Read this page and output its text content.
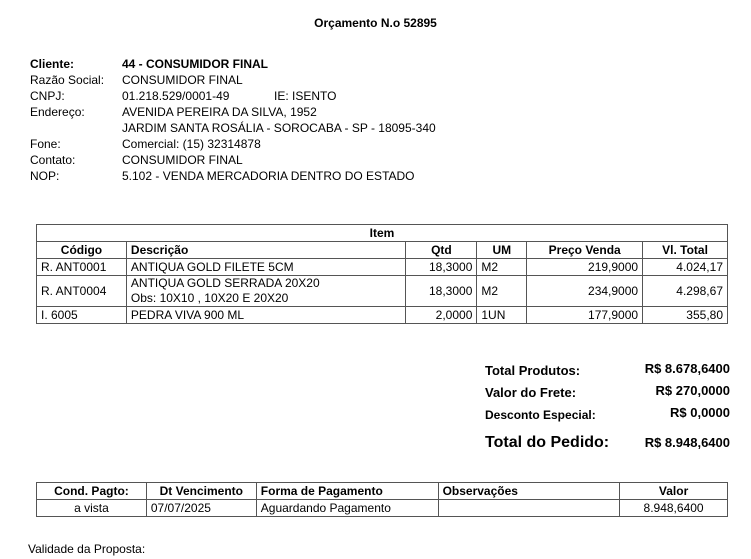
Orçamento N.o 52895
Cliente:	44 - CONSUMIDOR FINAL
Razão Social: CONSUMIDOR FINAL
CNPJ:	01.218.529/0001-49	IE: ISENTO
Endereço:	AVENIDA PEREIRA DA SILVA, 1952
JARDIM SANTA ROSÁLIA - SOROCABA - SP - 18095-340
Fone:	Comercial: (15) 32314878
Contato:	CONSUMIDOR FINAL
NOP:	5.102 - VENDA MERCADORIA DENTRO DO ESTADO
Item					
Código	Descrição	Qtd	UM	Preço Venda	Vl. Total
R. ANT0001	ANTIQUA GOLD FILETE 5CM	18,3000	M2	219,9000	4.024,17
R. ANT0004	ANTIQUA GOLD SERRADA 20X20
Obs: 10X10 , 10X20 E 20X20	18,3000	M2	234,9000	4.298,67
I. 6005	PEDRA VIVA 900 ML	2,0000	1UN	177,9000	355,80
Total Produtos:	R$ 8.678,6400
Valor do Frete:	R$ 270,0000
Desconto Especial:	R$ 0,0000
Total do Pedido:	R$ 8.948,6400
Cond. Pagto:	Dt Vencimento	Forma de Pagamento	Observações	Valor
a vista	07/07/2025	Aguardando Pagamento		8.948,6400
Validade da Proposta:
